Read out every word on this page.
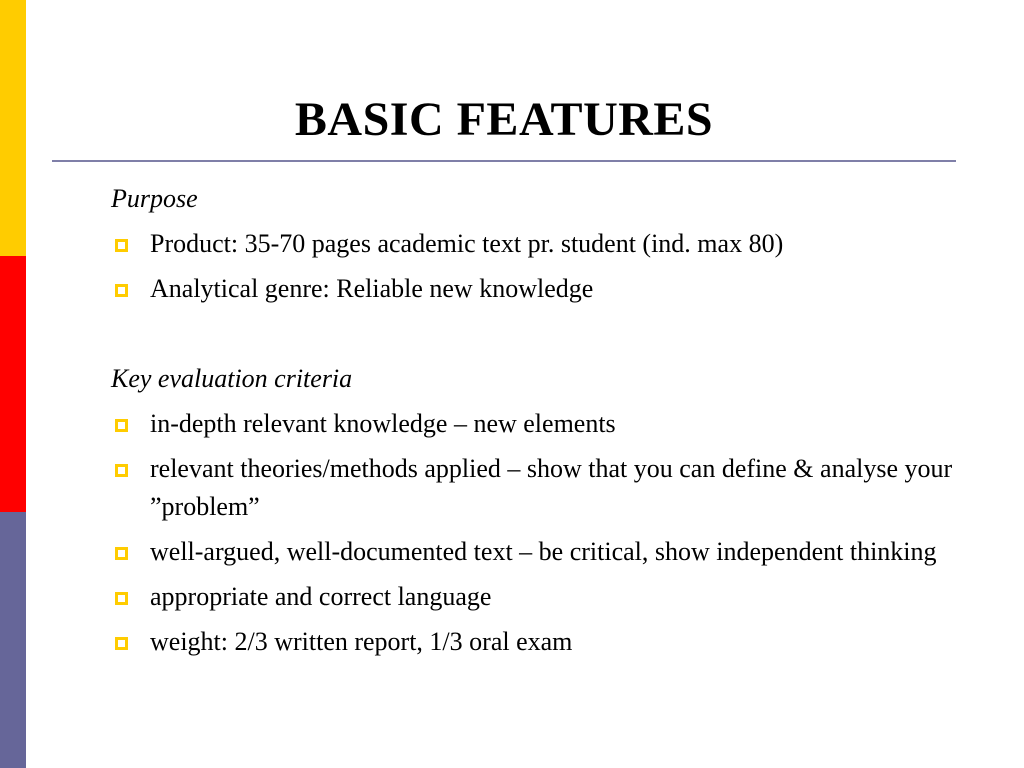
BASIC FEATURES
Purpose
Product: 35-70 pages academic text pr. student (ind. max 80)
Analytical genre: Reliable new knowledge
Key evaluation criteria
in-depth relevant knowledge – new elements
relevant theories/methods applied – show that you can define & analyse your ”problem”
well-argued, well-documented text – be critical, show independent thinking
appropriate and correct language
weight: 2/3 written report, 1/3 oral exam
